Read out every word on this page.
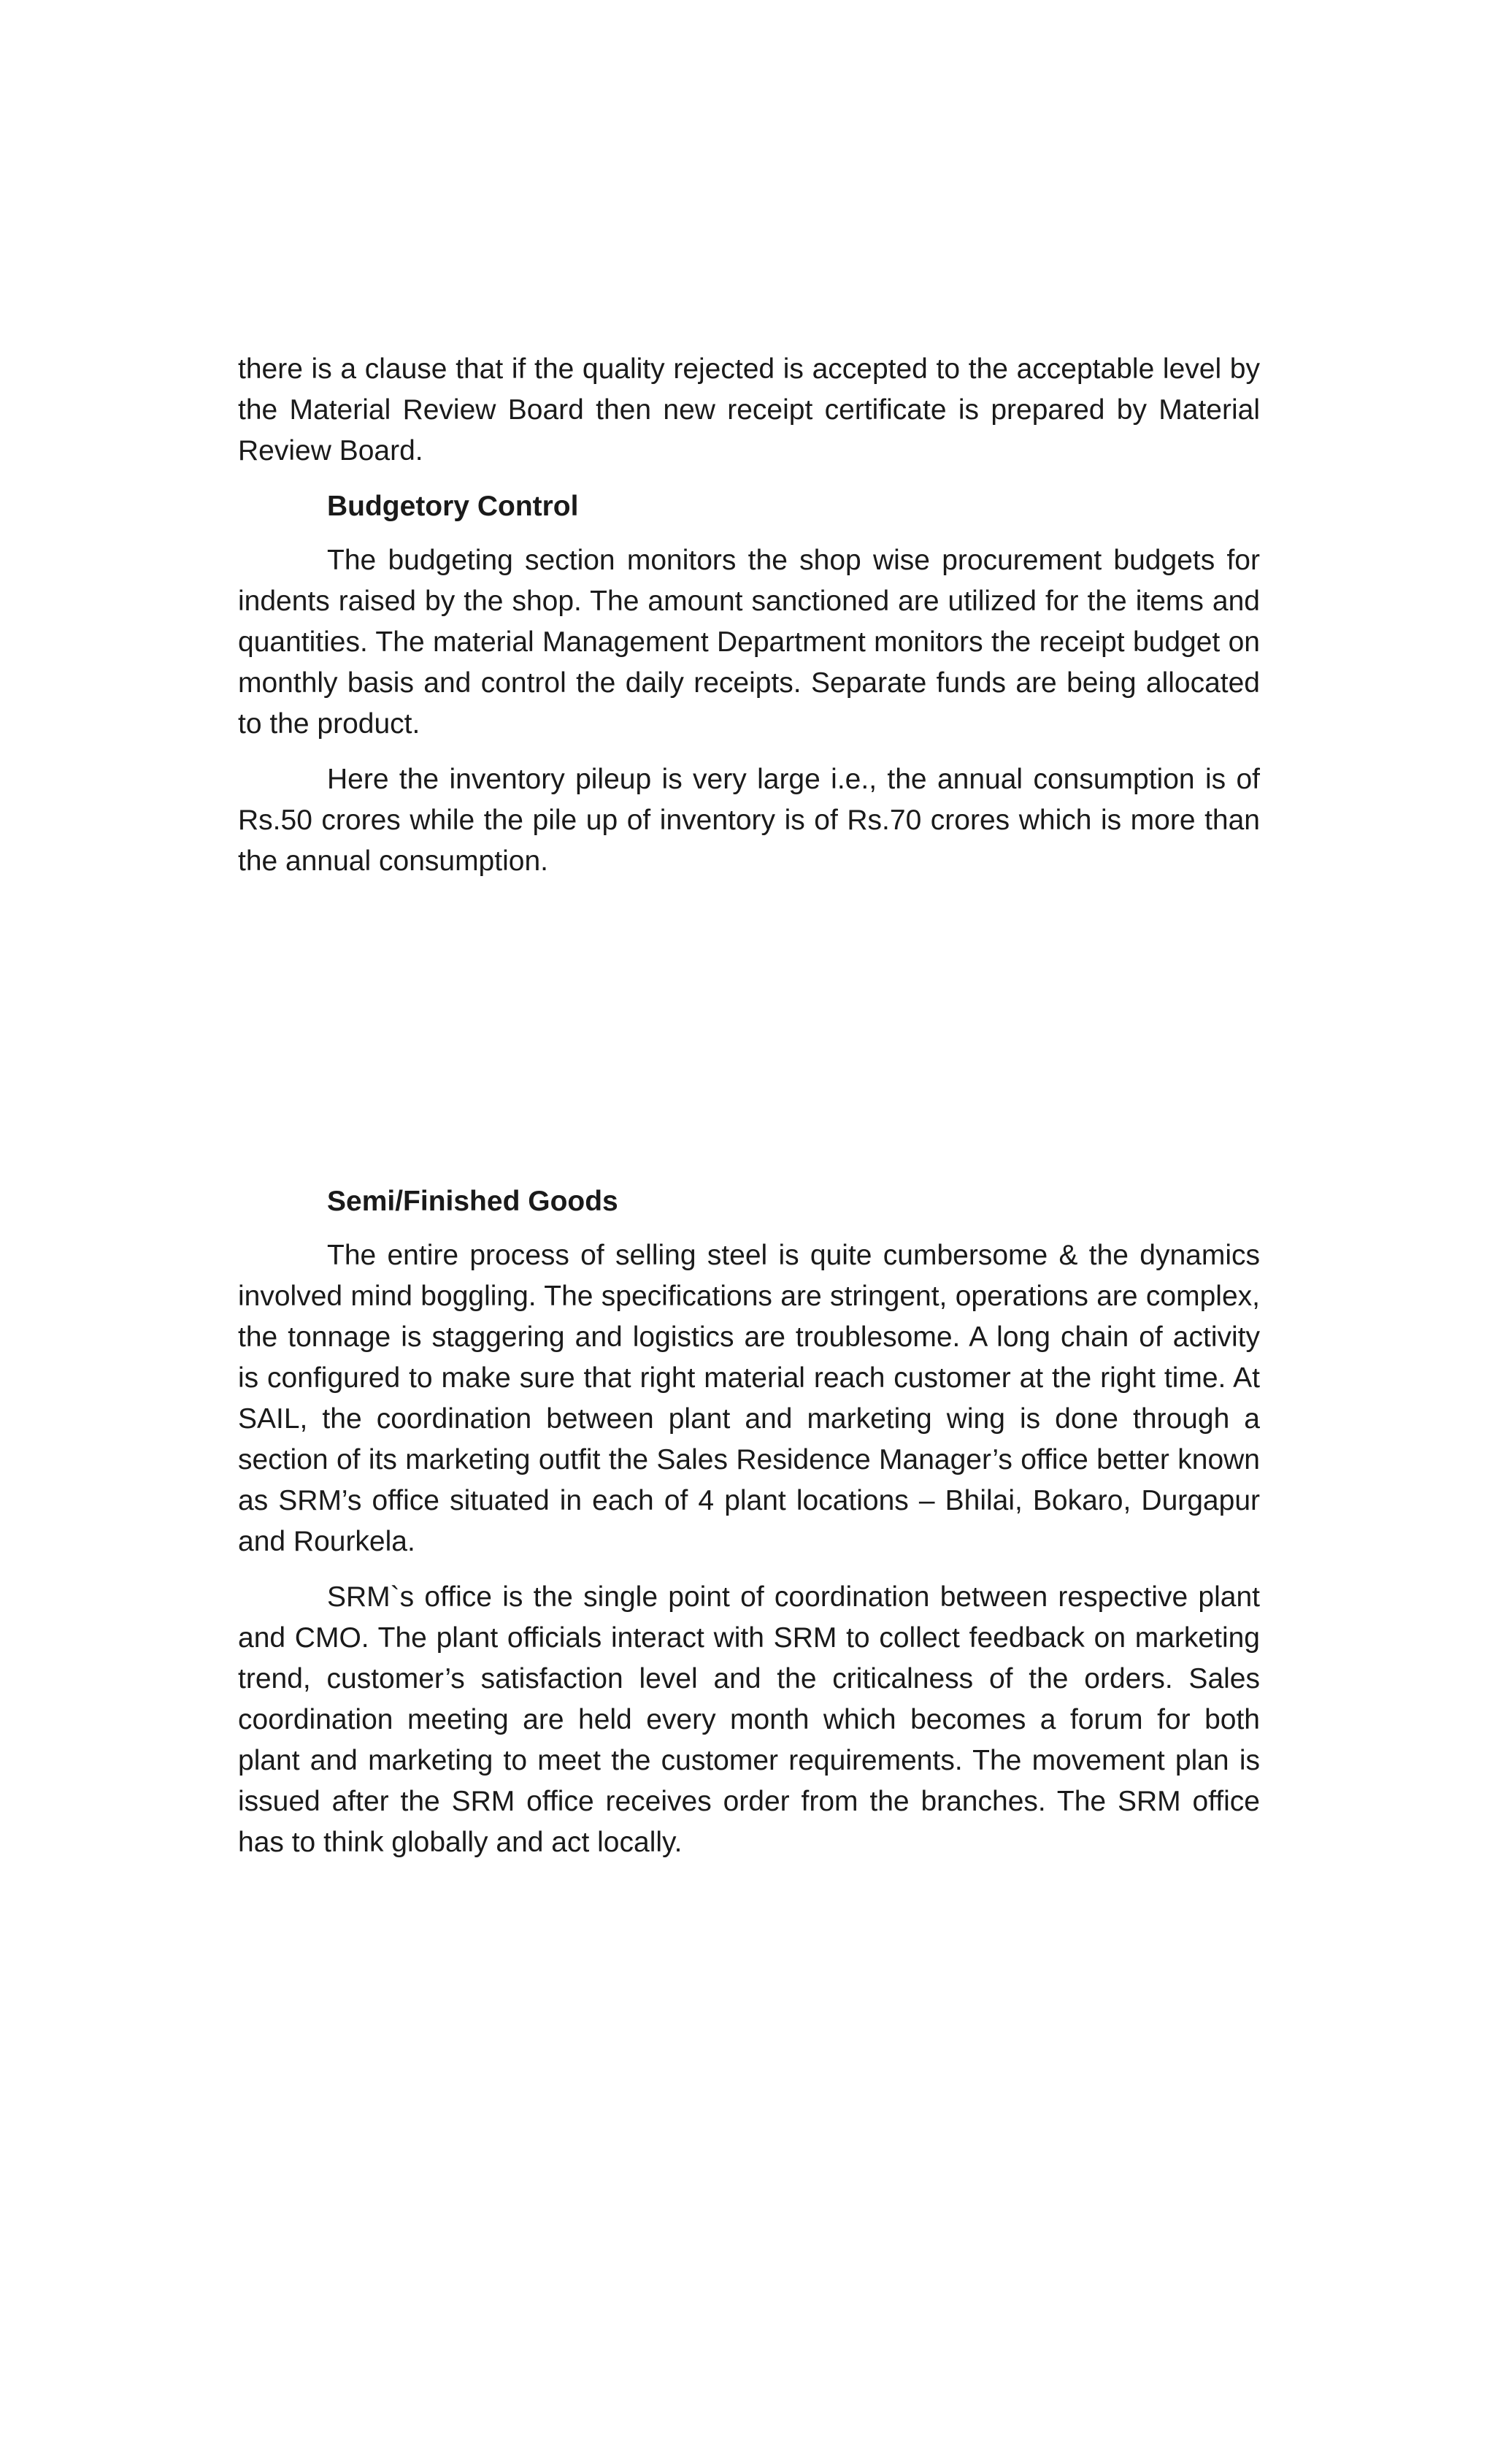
there is a clause that if the quality rejected is accepted to the acceptable level by the Material Review Board then new receipt certificate is prepared by Material Review Board.

Budgetory Control

The budgeting section monitors the shop wise procurement budgets for indents raised by the shop. The amount sanctioned are utilized for the items and quantities. The material Management Department monitors the receipt budget on monthly basis and control the daily receipts. Separate funds are being allocated to the product.

Here the inventory pileup is very large i.e., the annual consumption is of Rs.50 crores while the pile up of inventory is of Rs.70 crores which is more than the annual consumption.

Semi/Finished Goods

The entire process of selling steel is quite cumbersome & the dynamics involved mind boggling. The specifications are stringent, operations are complex, the tonnage is staggering and logistics are troublesome. A long chain of activity is configured to make sure that right material reach customer at the right time. At SAIL, the coordination between plant and marketing wing is done through a section of its marketing outfit the Sales Residence Manager’s office better known as SRM’s office situated in each of 4 plant locations – Bhilai, Bokaro, Durgapur and Rourkela.

SRM`s office is the single point of coordination between respective plant and CMO. The plant officials interact with SRM to collect feedback on marketing trend, customer’s satisfaction level and the criticalness of the orders. Sales coordination meeting are held every month which becomes a forum for both plant and marketing to meet the customer requirements. The movement plan is issued after the SRM office receives order from the branches. The SRM office has to think globally and act locally.
